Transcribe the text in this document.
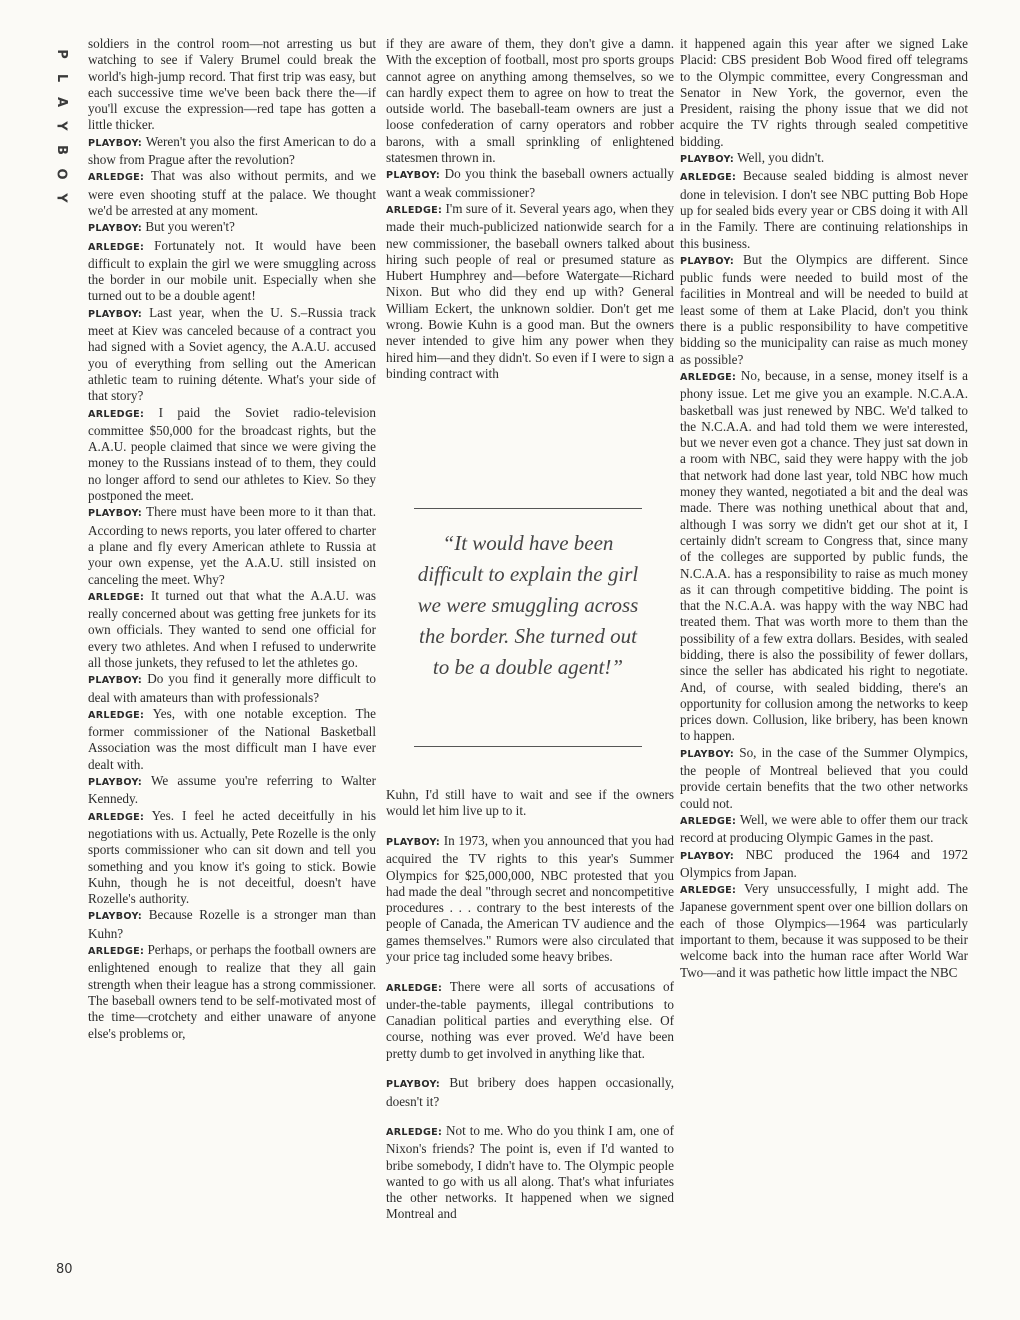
P
L
A
Y
B
O
Y

soldiers in the control room—not arresting us but watching to see if Valery Brumel could break the world's high-jump record. That first trip was easy, but each successive time we've been back there the—if you'll excuse the expression—red tape has gotten a little thicker.

PLAYBOY: Weren't you also the first American to do a show from Prague after the revolution?

ARLEDGE: That was also without permits, and we were even shooting stuff at the palace. We thought we'd be arrested at any moment.

PLAYBOY: But you weren't?

ARLEDGE: Fortunately not. It would have been difficult to explain the girl we were smuggling across the border in our mobile unit. Especially when she turned out to be a double agent!

PLAYBOY: Last year, when the U. S.–Russia track meet at Kiev was canceled because of a contract you had signed with a Soviet agency, the A.A.U. accused you of everything from selling out the American athletic team to ruining détente. What's your side of that story?

ARLEDGE: I paid the Soviet radio-television committee $50,000 for the broadcast rights, but the A.A.U. people claimed that since we were giving the money to the Russians instead of to them, they could no longer afford to send our athletes to Kiev. So they postponed the meet.

PLAYBOY: There must have been more to it than that. According to news reports, you later offered to charter a plane and fly every American athlete to Russia at your own expense, yet the A.A.U. still insisted on canceling the meet. Why?

ARLEDGE: It turned out that what the A.A.U. was really concerned about was getting free junkets for its own officials. They wanted to send one official for every two athletes. And when I refused to underwrite all those junkets, they refused to let the athletes go.

PLAYBOY: Do you find it generally more difficult to deal with amateurs than with professionals?

ARLEDGE: Yes, with one notable exception. The former commissioner of the National Basketball Association was the most difficult man I have ever dealt with.

PLAYBOY: We assume you're referring to Walter Kennedy.

ARLEDGE: Yes. I feel he acted deceitfully in his negotiations with us. Actually, Pete Rozelle is the only sports commissioner who can sit down and tell you something and you know it's going to stick. Bowie Kuhn, though he is not deceitful, doesn't have Rozelle's authority.

PLAYBOY: Because Rozelle is a stronger man than Kuhn?

ARLEDGE: Perhaps, or perhaps the football owners are enlightened enough to realize that they all gain strength when their league has a strong commissioner. The baseball owners tend to be self-motivated most of the time—crotchety and either unaware of anyone else's problems or,

if they are aware of them, they don't give a damn. With the exception of football, most pro sports groups cannot agree on anything among themselves, so we can hardly expect them to agree on how to treat the outside world. The baseball-team owners are just a loose confederation of carny operators and robber barons, with a small sprinkling of enlightened statesmen thrown in.

PLAYBOY: Do you think the baseball owners actually want a weak commissioner?

ARLEDGE: I'm sure of it. Several years ago, when they made their much-publicized nationwide search for a new commissioner, the baseball owners talked about hiring such people of real or presumed stature as Hubert Humphrey and—before Watergate—Richard Nixon. But who did they end up with? General William Eckert, the unknown soldier. Don't get me wrong. Bowie Kuhn is a good man. But the owners never intended to give him any power when they hired him—and they didn't. So even if I were to sign a binding contract with

Kuhn, I'd still have to wait and see if the owners would let him live up to it.

PLAYBOY: In 1973, when you announced that you had acquired the TV rights to this year's Summer Olympics for $25,000,000, NBC protested that you had made the deal "through secret and noncompetitive procedures . . . contrary to the best interests of the people of Canada, the American TV audience and the games themselves." Rumors were also circulated that your price tag included some heavy bribes.

ARLEDGE: There were all sorts of accusations of under-the-table payments, illegal contributions to Canadian political parties and everything else. Of course, nothing was ever proved. We'd have been pretty dumb to get involved in anything like that.

PLAYBOY: But bribery does happen occasionally, doesn't it?

ARLEDGE: Not to me. Who do you think I am, one of Nixon's friends? The point is, even if I'd wanted to bribe somebody, I didn't have to. The Olympic people wanted to go with us all along. That's what infuriates the other networks. It happened when we signed Montreal and

it happened again this year after we signed Lake Placid: CBS president Bob Wood fired off telegrams to the Olympic committee, every Congressman and Senator in New York, the governor, even the President, raising the phony issue that we did not acquire the TV rights through sealed competitive bidding.

PLAYBOY: Well, you didn't.

ARLEDGE: Because sealed bidding is almost never done in television. I don't see NBC putting Bob Hope up for sealed bids every year or CBS doing it with All in the Family. There are continuing relationships in this business.

PLAYBOY: But the Olympics are different. Since public funds were needed to build most of the facilities in Montreal and will be needed to build at least some of them at Lake Placid, don't you think there is a public responsibility to have competitive bidding so the municipality can raise as much money as possible?

ARLEDGE: No, because, in a sense, money itself is a phony issue. Let me give you an example. N.C.A.A. basketball was just renewed by NBC. We'd talked to the N.C.A.A. and had told them we were interested, but we never even got a chance. They just sat down in a room with NBC, said they were happy with the job that network had done last year, told NBC how much money they wanted, negotiated a bit and the deal was made. There was nothing unethical about that and, although I was sorry we didn't get our shot at it, I certainly didn't scream to Congress that, since many of the colleges are supported by public funds, the N.C.A.A. has a responsibility to raise as much money as it can through competitive bidding. The point is that the N.C.A.A. was happy with the way NBC had treated them. That was worth more to them than the possibility of a few extra dollars. Besides, with sealed bidding, there is also the possibility of fewer dollars, since the seller has abdicated his right to negotiate. And, of course, with sealed bidding, there's an opportunity for collusion among the networks to keep prices down. Collusion, like bribery, has been known to happen.

PLAYBOY: So, in the case of the Summer Olympics, the people of Montreal believed that you could provide certain benefits that the two other networks could not.

ARLEDGE: Well, we were able to offer them our track record at producing Olympic Games in the past.

PLAYBOY: NBC produced the 1964 and 1972 Olympics from Japan.

ARLEDGE: Very unsuccessfully, I might add. The Japanese government spent over one billion dollars on each of those Olympics—1964 was particularly important to them, because it was supposed to be their welcome back into the human race after World War Two—and it was pathetic how little impact the NBC

“It would have been difficult to explain the girl we were smuggling across the border. She turned out to be a double agent!”
80
